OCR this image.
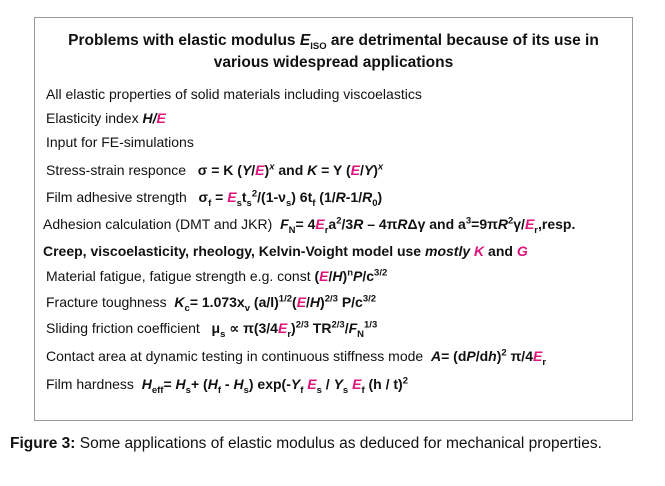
Problems with elastic modulus $E_{ISO}$ are detrimental because of its use in
various widespread applications
All elastic properties of solid materials including viscoelastics
Elasticity index H/E
Input for FE-simulations
Stress-strain responce σ = K $(Y/E)^x$ and K = Y $(E/Y)^x$
Film adhesive strength $\sigma_f = E_st_s^2/(1-\nu_s)$ $6t_f$ $(1/R-1/R_0)$
Adhesion calculation (DMT and JKR) $F_N= 4E_ra^2/3R - 4\pi R\Delta\gamma$ and $a^3=9\pi R^2\gamma/E_r,resp$.
Creep, viscoelasticity, rheology, Kelvin-Voight model use mostly K and G
Material fatigue, fatigue strength e.g. const $(E/H)^nP/c^{3/2}$
Fracture toughness $K_c= 1.073x_v$ $(a/l)^{1/2}(E/H)^{2/3}$ $P/c^{3/2}$
Sliding friction coefficient $\mu_s \propto \pi(3/4E_r)^{2/3}$ $TR^{2/3}/F_N^{1/3}$
Contact area at dynamic testing in continuous stiffness mode $A= (dP/dh)^2$ $\pi/4E_r$
Film hardness $H_{eff}= H_s+ (H_f - H_s)$ $\exp(-Y_f$ $E_s / Y_s$ $E_f$ (h / t)$^2$
Figure 3: Some applications of elastic modulus as deduced for mechanical properties.
